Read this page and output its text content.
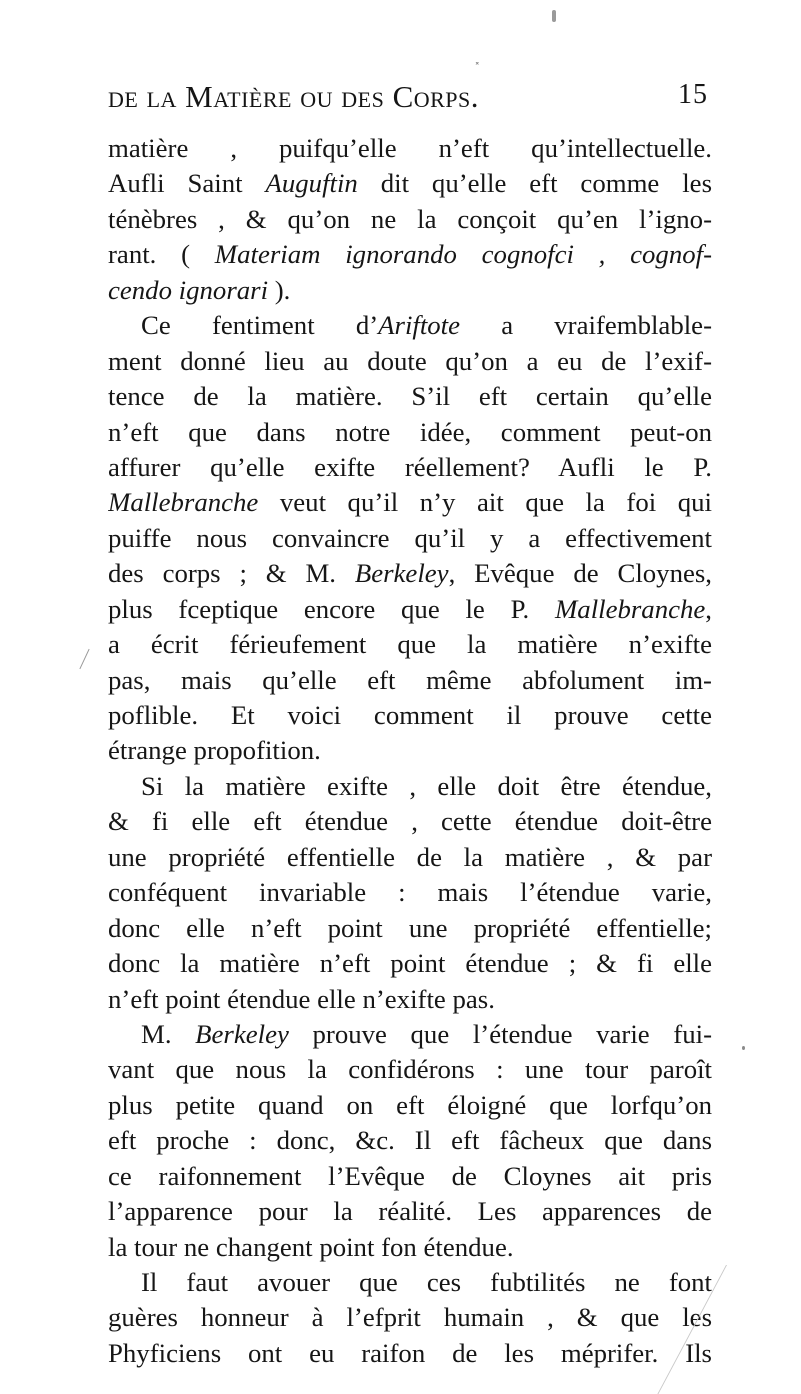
˟
de la Matière ou des Corps.	15
matière , puifqu’elle n’eft qu’intellectuelle.
Aufli Saint Auguftin dit qu’elle eft comme les
ténèbres , & qu’on ne la conçoit qu’en l’igno-
rant. ( Materiam ignorando cognofci , cognof-
cendo ignorari ).
Ce fentiment d’Ariftote a vraifemblable-
ment donné lieu au doute qu’on a eu de l’exif-
tence de la matière. S’il eft certain qu’elle
n’eft que dans notre idée, comment peut-on
affurer qu’elle exifte réellement? Aufli le P.
Mallebranche veut qu’il n’y ait que la foi qui
puiffe nous convaincre qu’il y a effectivement
des corps ; & M. Berkeley, Evêque de Cloynes,
plus fceptique encore que le P. Mallebranche,
a écrit férieufement que la matière n’exifte
pas, mais qu’elle eft même abfolument im-
poflible. Et voici comment il prouve cette
étrange propofition.
Si la matière exifte , elle doit être étendue,
& fi elle eft étendue , cette étendue doit-être
une propriété effentielle de la matière , & par
conféquent invariable : mais l’étendue varie,
donc elle n’eft point une propriété effentielle;
donc la matière n’eft point étendue ; & fi elle
n’eft point étendue elle n’exifte pas.
M. Berkeley prouve que l’étendue varie fui-
vant que nous la confidérons : une tour paroît
plus petite quand on eft éloigné que lorfqu’on
eft proche : donc, &c. Il eft fâcheux que dans
ce raifonnement l’Evêque de Cloynes ait pris
l’apparence pour la réalité. Les apparences de
la tour ne changent point fon étendue.
Il faut avouer que ces fubtilités ne font
guères honneur à l’efprit humain , & que les
Phyficiens ont eu raifon de les méprifer. Ils
